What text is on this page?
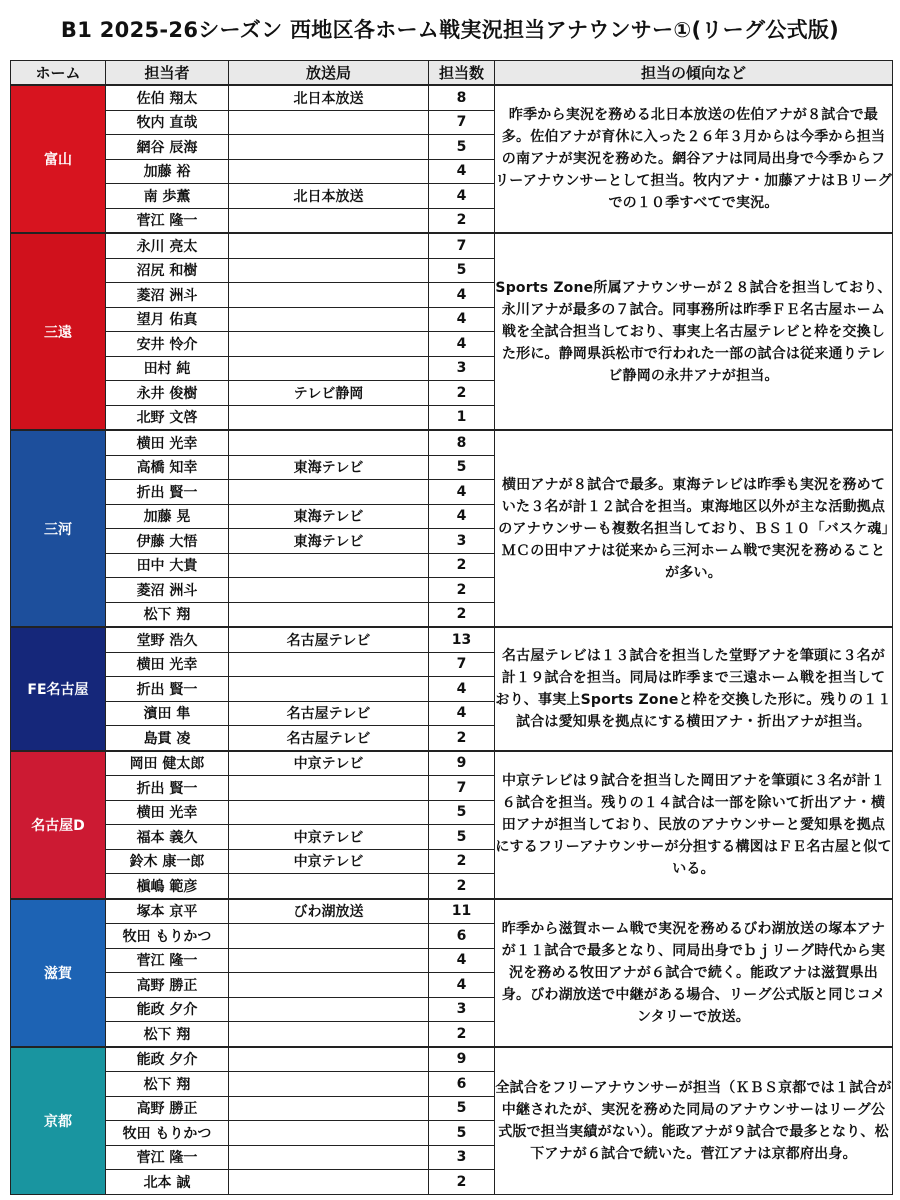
B1 2025-26シーズン 西地区各ホーム戦実況担当アナウンサー①(リーグ公式版)
ホーム	担当者	放送局	担当数	担当の傾向など
富山	佐伯 翔太	北日本放送	8	昨季から実況を務める北日本放送の佐伯アナが８試合で最多。佐伯アナが育休に入った２６年３月からは今季から担当の南アナが実況を務めた。網谷アナは同局出身で今季からフリーアナウンサーとして担当。牧内アナ・加藤アナはＢリーグでの１０季すべてで実況。
	牧内 直哉		7	
	網谷 辰海		5	
	加藤 裕		4	
	南 歩薫	北日本放送	4	
	菅江 隆一		2	
三遠	永川 亮太		7	Sports Zone所属アナウンサーが２８試合を担当しており、永川アナが最多の７試合。同事務所は昨季ＦＥ名古屋ホーム戦を全試合担当しており、事実上名古屋テレビと枠を交換した形に。静岡県浜松市で行われた一部の試合は従来通りテレビ静岡の永井アナが担当。
	沼尻 和樹		5	
	菱沼 洲斗		4	
	望月 佑真		4	
	安井 怜介		4	
	田村 純		3	
	永井 俊樹	テレビ静岡	2	
	北野 文啓		1	
三河	横田 光幸		8	横田アナが８試合で最多。東海テレビは昨季も実況を務めていた３名が計１２試合を担当。東海地区以外が主な活動拠点のアナウンサーも複数名担当しており、ＢＳ１０「バスケ魂」ＭＣの田中アナは従来から三河ホーム戦で実況を務めることが多い。
	高橋 知幸	東海テレビ	5	
	折出 賢一		4	
	加藤 晃	東海テレビ	4	
	伊藤 大悟	東海テレビ	3	
	田中 大貴		2	
	菱沼 洲斗		2	
	松下 翔		2	
FE名古屋	堂野 浩久	名古屋テレビ	13	名古屋テレビは１３試合を担当した堂野アナを筆頭に３名が計１９試合を担当。同局は昨季まで三遠ホーム戦を担当しており、事実上Sports Zoneと枠を交換した形に。残りの１１試合は愛知県を拠点にする横田アナ・折出アナが担当。
	横田 光幸		7	
	折出 賢一		4	
	濱田 隼	名古屋テレビ	4	
	島貫 凌	名古屋テレビ	2	
名古屋D	岡田 健太郎	中京テレビ	9	中京テレビは９試合を担当した岡田アナを筆頭に３名が計１６試合を担当。残りの１４試合は一部を除いて折出アナ・横田アナが担当しており、民放のアナウンサーと愛知県を拠点にするフリーアナウンサーが分担する構図はＦＥ名古屋と似ている。
	折出 賢一		7	
	横田 光幸		5	
	福本 義久	中京テレビ	5	
	鈴木 康一郎	中京テレビ	2	
	槇嶋 範彦		2	
滋賀	塚本 京平	びわ湖放送	11	昨季から滋賀ホーム戦で実況を務めるびわ湖放送の塚本アナが１１試合で最多となり、同局出身でｂｊリーグ時代から実況を務める牧田アナが６試合で続く。能政アナは滋賀県出身。びわ湖放送で中継がある場合、リーグ公式版と同じコメンタリーで放送。
	牧田 もりかつ		6	
	菅江 隆一		4	
	高野 勝正		4	
	能政 夕介		3	
	松下 翔		2	
京都	能政 夕介		9	全試合をフリーアナウンサーが担当（ＫＢＳ京都では１試合が中継されたが、実況を務めた同局のアナウンサーはリーグ公式版で担当実績がない）。能政アナが９試合で最多となり、松下アナが６試合で続いた。菅江アナは京都府出身。
	松下 翔		6	
	高野 勝正		5	
	牧田 もりかつ		5	
	菅江 隆一		3	
	北本 誠		2	
